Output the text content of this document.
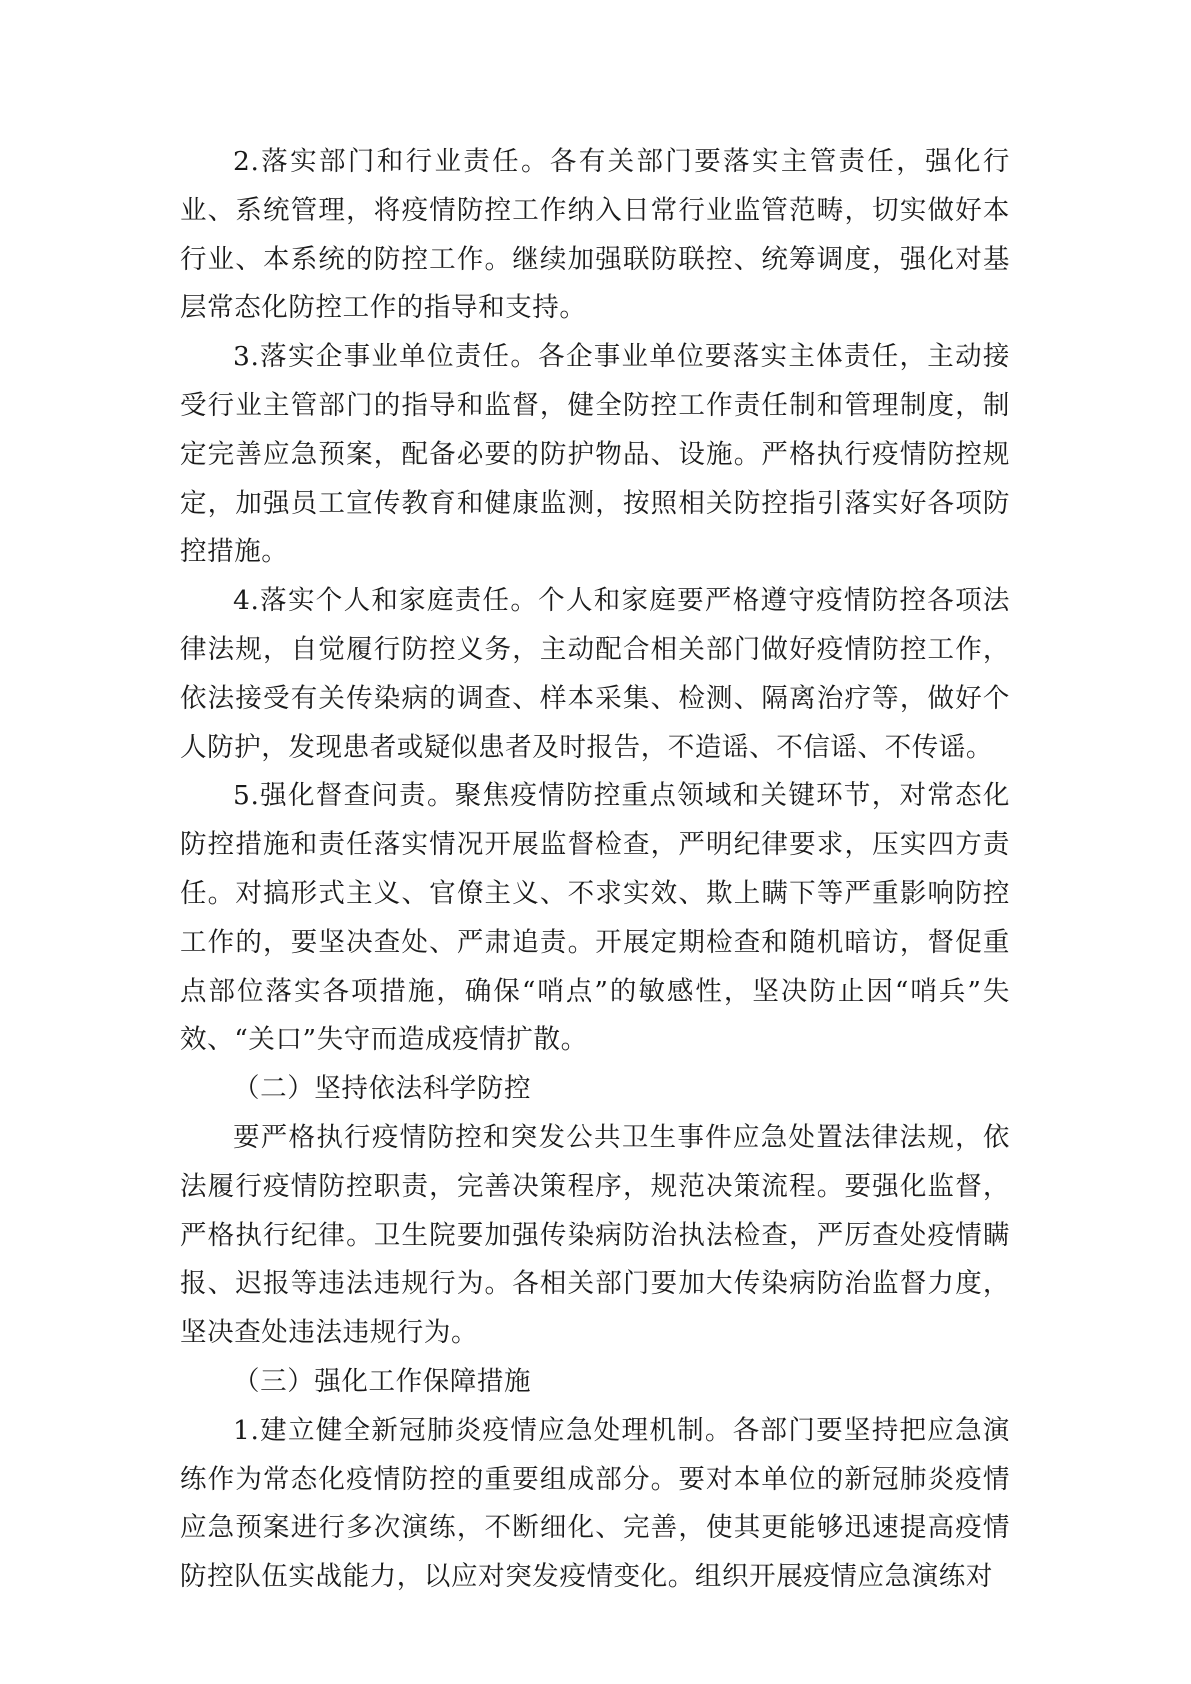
2.落实部门和行业责任。各有关部门要落实主管责任，强化行业、系统管理，将疫情防控工作纳入日常行业监管范畴，切实做好本行业、本系统的防控工作。继续加强联防联控、统筹调度，强化对基层常态化防控工作的指导和支持。

3.落实企事业单位责任。各企事业单位要落实主体责任，主动接受行业主管部门的指导和监督，健全防控工作责任制和管理制度，制定完善应急预案，配备必要的防护物品、设施。严格执行疫情防控规定，加强员工宣传教育和健康监测，按照相关防控指引落实好各项防控措施。

4.落实个人和家庭责任。个人和家庭要严格遵守疫情防控各项法律法规，自觉履行防控义务，主动配合相关部门做好疫情防控工作，依法接受有关传染病的调查、样本采集、检测、隔离治疗等，做好个人防护，发现患者或疑似患者及时报告，不造谣、不信谣、不传谣。

5.强化督查问责。聚焦疫情防控重点领域和关键环节，对常态化防控措施和责任落实情况开展监督检查，严明纪律要求，压实四方责任。对搞形式主义、官僚主义、不求实效、欺上瞒下等严重影响防控工作的，要坚决查处、严肃追责。开展定期检查和随机暗访，督促重点部位落实各项措施，确保“哨点”的敏感性，坚决防止因“哨兵”失效、“关口”失守而造成疫情扩散。

（二）坚持依法科学防控

要严格执行疫情防控和突发公共卫生事件应急处置法律法规，依法履行疫情防控职责，完善决策程序，规范决策流程。要强化监督，严格执行纪律。卫生院要加强传染病防治执法检查，严厉查处疫情瞒报、迟报等违法违规行为。各相关部门要加大传染病防治监督力度，坚决查处违法违规行为。

（三）强化工作保障措施

1.建立健全新冠肺炎疫情应急处理机制。各部门要坚持把应急演练作为常态化疫情防控的重要组成部分。要对本单位的新冠肺炎疫情应急预案进行多次演练，不断细化、完善，使其更能够迅速提高疫情防控队伍实战能力，以应对突发疫情变化。组织开展疫情应急演练对
